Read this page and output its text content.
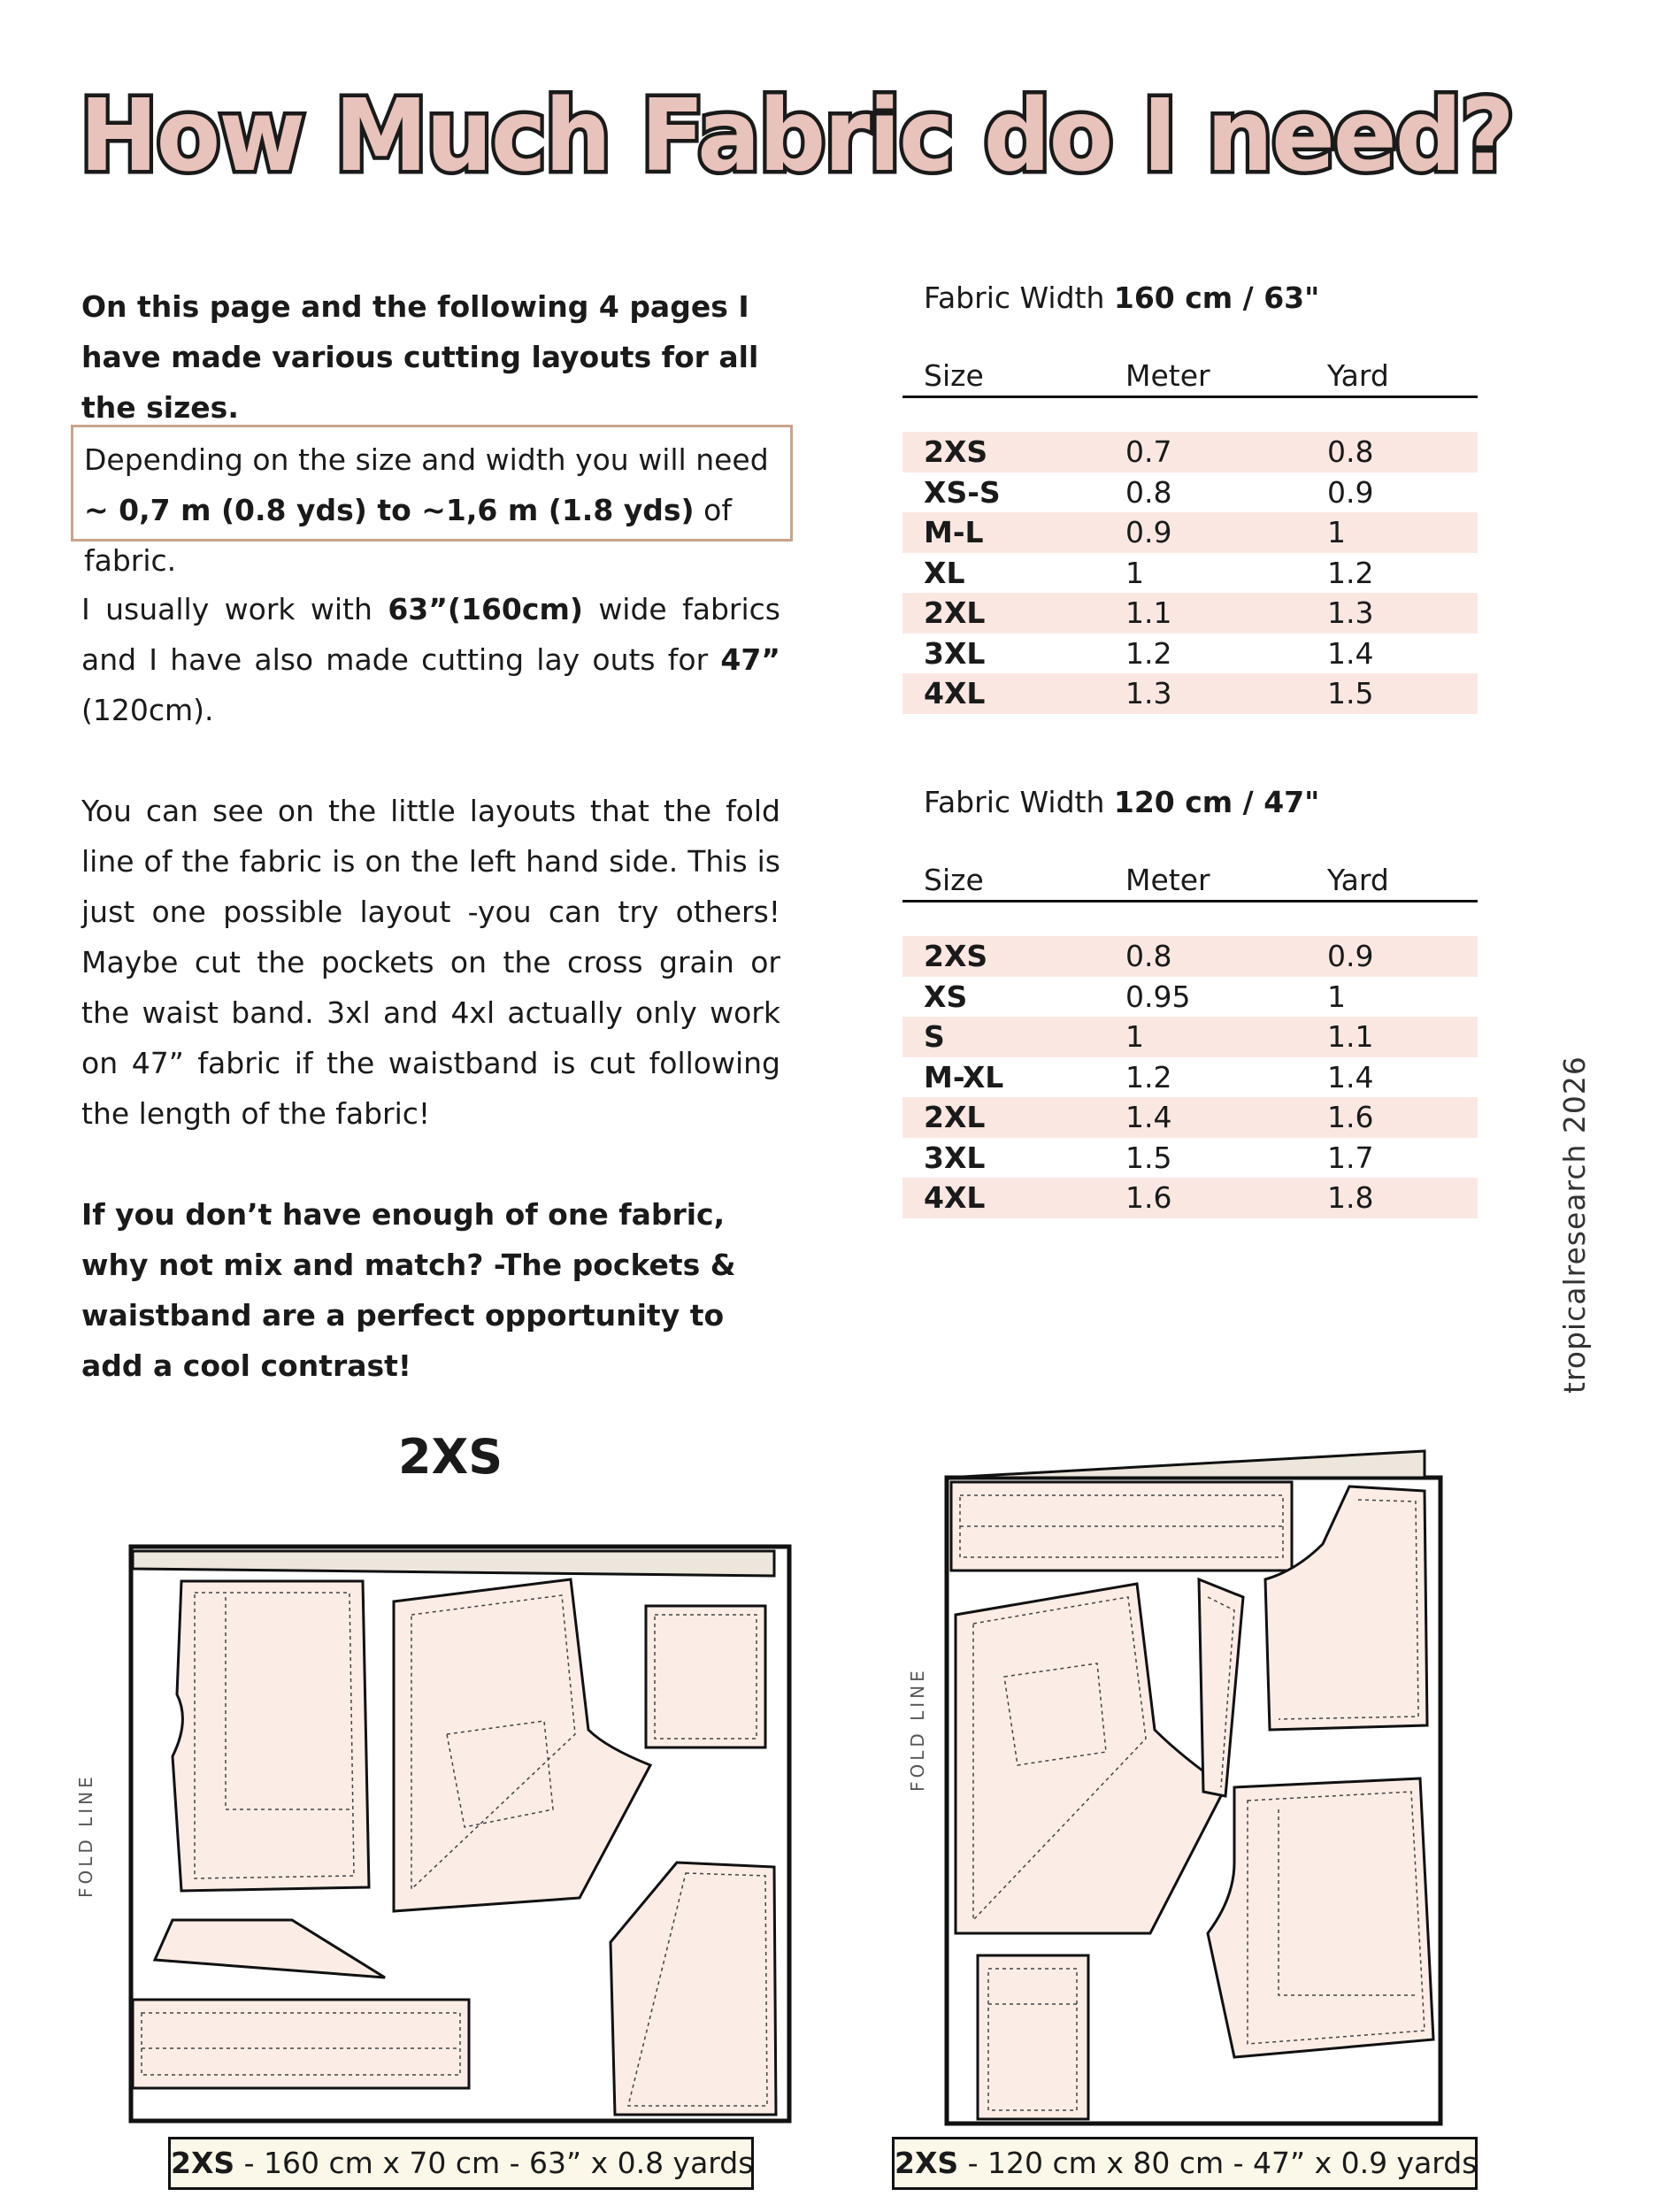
How Much Fabric do I need?

On this page and the following 4 pages I have made various cutting layouts for all the sizes.

Depending on the size and width you will need
~ 0,7 m (0.8 yds) to ~1,6 m (1.8 yds) of fabric.

I usually work with 63”(160cm) wide fabrics and I have also made cutting lay outs for 47” (120cm).

You can see on the little layouts that the fold line of the fabric is on the left hand side. This is just one possible layout -you can try others! Maybe cut the pockets on the cross grain or the waist band. 3xl and 4xl actually only work on 47” fabric if the waistband is cut following the length of the fabric!

If you don’t have enough of one fabric, why not mix and match? -The pockets & waistband are a perfect opportunity to add a cool contrast!

Fabric Width 160 cm / 63"
Size	Meter	Yard
2XS	0.7	0.8
XS-S	0.8	0.9
M-L	0.9	1
XL	1	1.2
2XL	1.1	1.3
3XL	1.2	1.4
4XL	1.3	1.5
Fabric Width 120 cm / 47"
Size	Meter	Yard
2XS	0.8	0.9
XS	0.95	1
S	1	1.1
M-XL	1.2	1.4
2XL	1.4	1.6
3XL	1.5	1.7
4XL	1.6	1.8	tropicalresearch 2026
2XS
FOLD LINE
2XS - 160 cm x 70 cm - 63” x 0.8 yards
FOLD LINE
2XS - 120 cm x 80 cm - 47” x 0.9 yards
